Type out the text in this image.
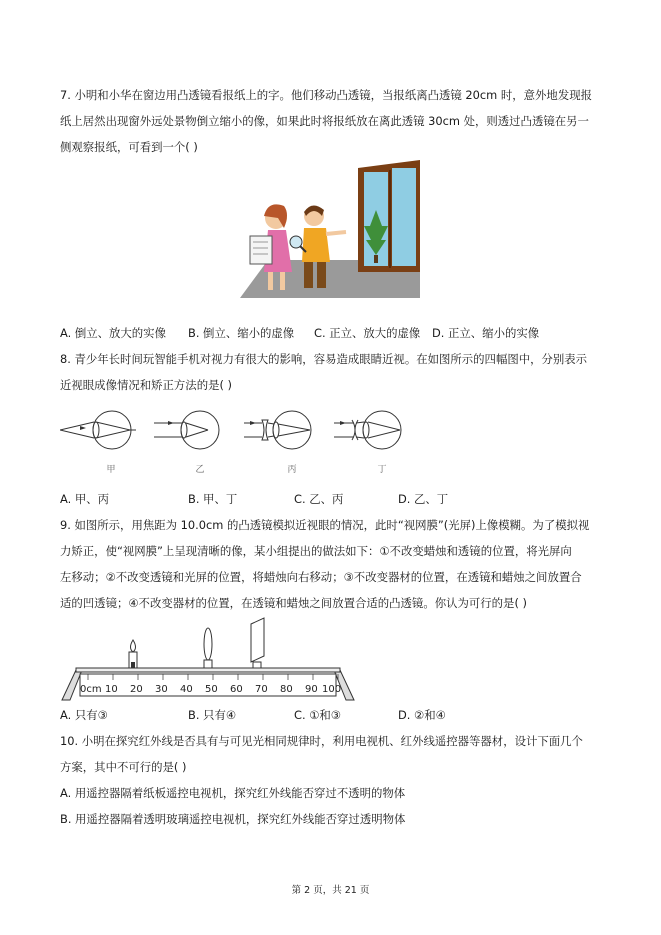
7. 小明和小华在窗边用凸透镜看报纸上的字。他们移动凸透镜，当报纸离凸透镜 20cm 时，意外地发现报
纸上居然出现窗外远处景物倒立缩小的像，如果此时将报纸放在离此透镜 30cm 处，则透过凸透镜在另一
侧观察报纸，可看到一个( )
A. 倒立、放大的实像 B. 倒立、缩小的虚像 C. 正立、放大的虚像 D. 正立、缩小的实像
8. 青少年长时间玩智能手机对视力有很大的影响，容易造成眼睛近视。在如图所示的四幅图中，分别表示
近视眼成像情况和矫正方法的是( )
甲	乙	丙	丁
A. 甲、丙	B. 甲、丁	C. 乙、丙	D. 乙、丁
9. 如图所示，用焦距为 10.0cm 的凸透镜模拟近视眼的情况，此时“视网膜”(光屏)上像模糊。为了模拟视
力矫正，使“视网膜”上呈现清晰的像，某小组提出的做法如下：①不改变蜡烛和透镜的位置，将光屏向
左移动；②不改变透镜和光屏的位置，将蜡烛向右移动；③不改变器材的位置，在透镜和蜡烛之间放置合
适的凹透镜；④不改变器材的位置，在透镜和蜡烛之间放置合适的凸透镜。你认为可行的是( )
0cm 10 20 30 40 50 60 70 80 90 100
A. 只有③	B. 只有④	C. ①和③	D. ②和④
10. 小明在探究红外线是否具有与可见光相同规律时，利用电视机、红外线遥控器等器材，设计下面几个
方案，其中不可行的是( )
A. 用遥控器隔着纸板遥控电视机，探究红外线能否穿过不透明的物体
B. 用遥控器隔着透明玻璃遥控电视机，探究红外线能否穿过透明物体
第 2 页，共 21 页
